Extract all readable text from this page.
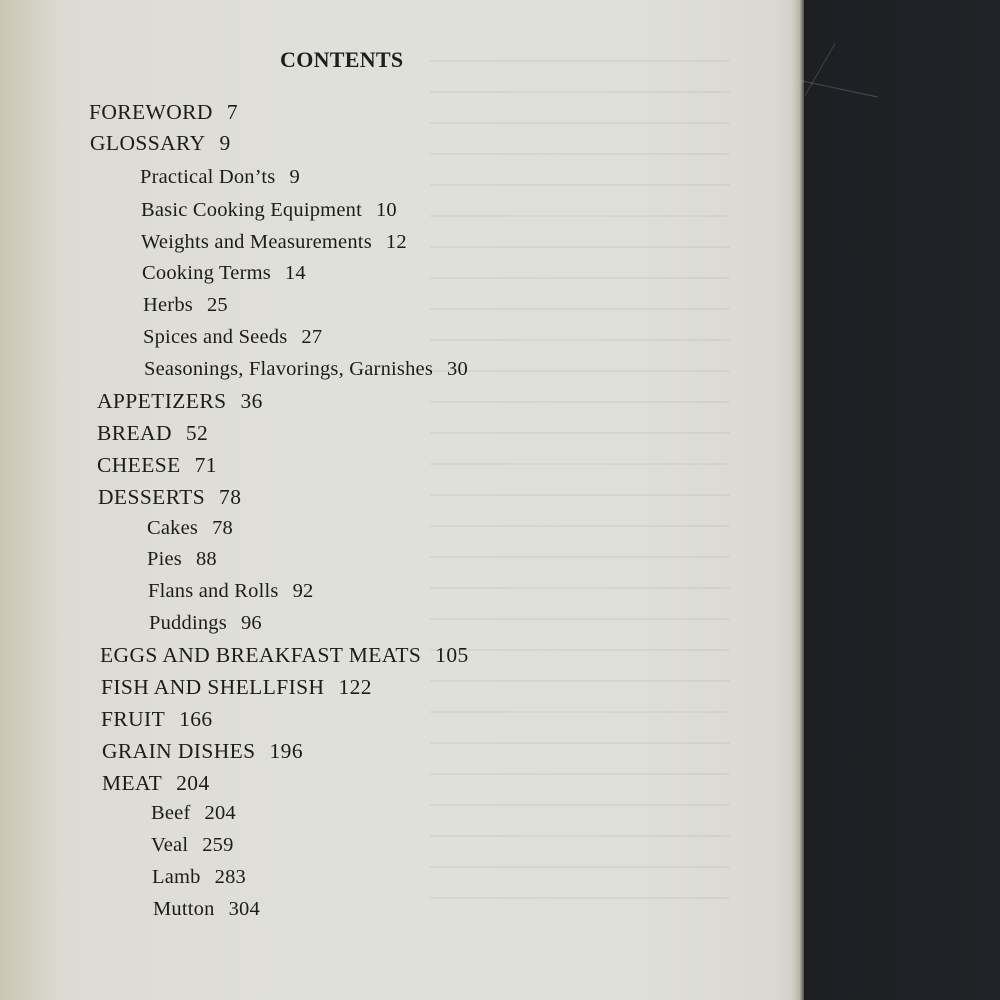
CONTENTS
FOREWORD 7
GLOSSARY 9
Practical Don’ts 9
Basic Cooking Equipment 10
Weights and Measurements 12
Cooking Terms 14
Herbs 25
Spices and Seeds 27
Seasonings, Flavorings, Garnishes 30
APPETIZERS 36
BREAD 52
CHEESE 71
DESSERTS 78
Cakes 78
Pies 88
Flans and Rolls 92
Puddings 96
EGGS AND BREAKFAST MEATS 105
FISH AND SHELLFISH 122
FRUIT 166
GRAIN DISHES 196
MEAT 204
Beef 204
Veal 259
Lamb 283
Mutton 304
